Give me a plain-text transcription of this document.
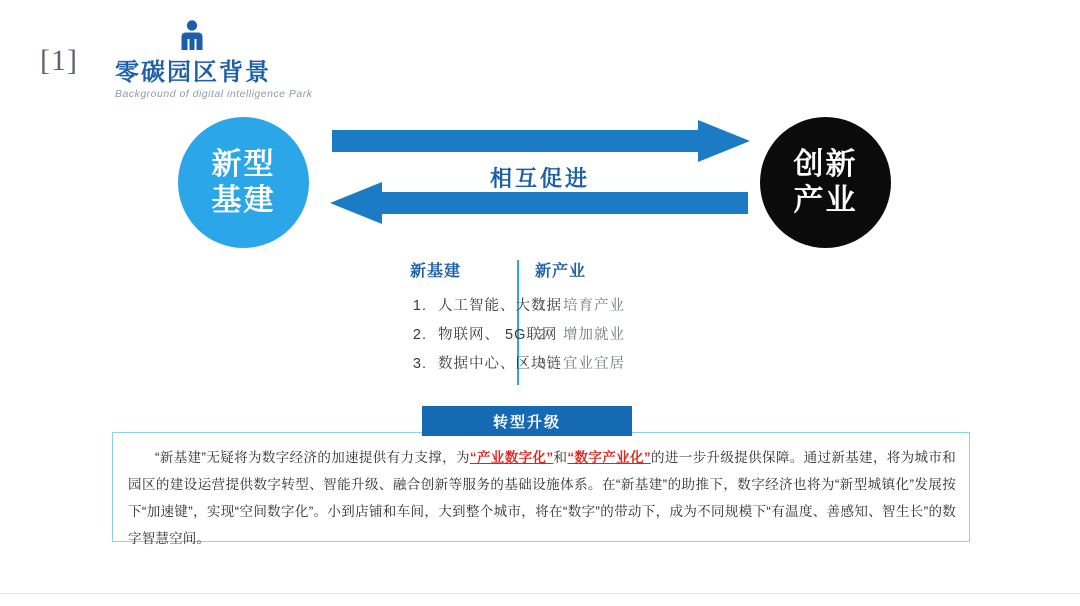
[1] 零碳园区背景
Background of digital intelligence Park
新型
基建
创新
产业
相互促进
新基建
1. 人工智能、大数据
2. 物联网、 5G联网
3. 数据中心、区块链
新产业
1. 培育产业
2. 增加就业
3. 宜业宜居
转型升级
“新基建”无疑将为数字经济的加速提供有力支撑，为“产业数字化”和“数字产业化”的进一步升级提供保障。通过新基建，将为城市和园区的建设运营提供数字转型、智能升级、融合创新等服务的基础设施体系。在“新基建”的助推下，数字经济也将为“新型城镇化”发展按下“加速键”，实现“空间数字化”。小到店铺和车间，大到整个城市，将在“数字”的带动下，成为不同规模下“有温度、善感知、智生长”的数字智慧空间。
